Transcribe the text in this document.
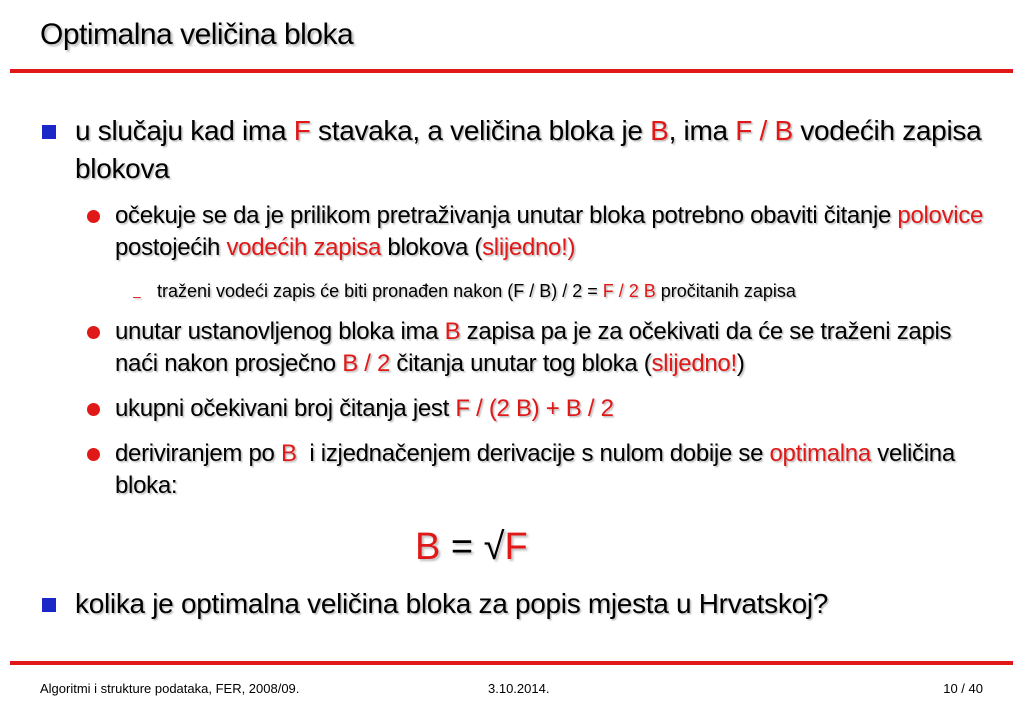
Optimalna veličina bloka
u slučaju kad ima F stavaka, a veličina bloka je B, ima F / B vodećih zapisa blokova
očekuje se da je prilikom pretraživanja unutar bloka potrebno obaviti čitanje polovice postojećih vodećih zapisa blokova (slijedno!)
– traženi vodeći zapis će biti pronađen nakon (F / B) / 2 = F / 2 B pročitanih zapisa
unutar ustanovljenog bloka ima B zapisa pa je za očekivati da će se traženi zapis naći nakon prosječno B / 2 čitanja unutar tog bloka (slijedno!)
ukupni očekivani broj čitanja jest F / (2 B) + B / 2
deriviranjem po B  i izjednačenjem derivacije s nulom dobije se optimalna veličina bloka:
B = √F
kolika je optimalna veličina bloka za popis mjesta u Hrvatskoj?
Algoritmi i strukture podataka, FER, 2008/09.	3.10.2014.	10 / 40
